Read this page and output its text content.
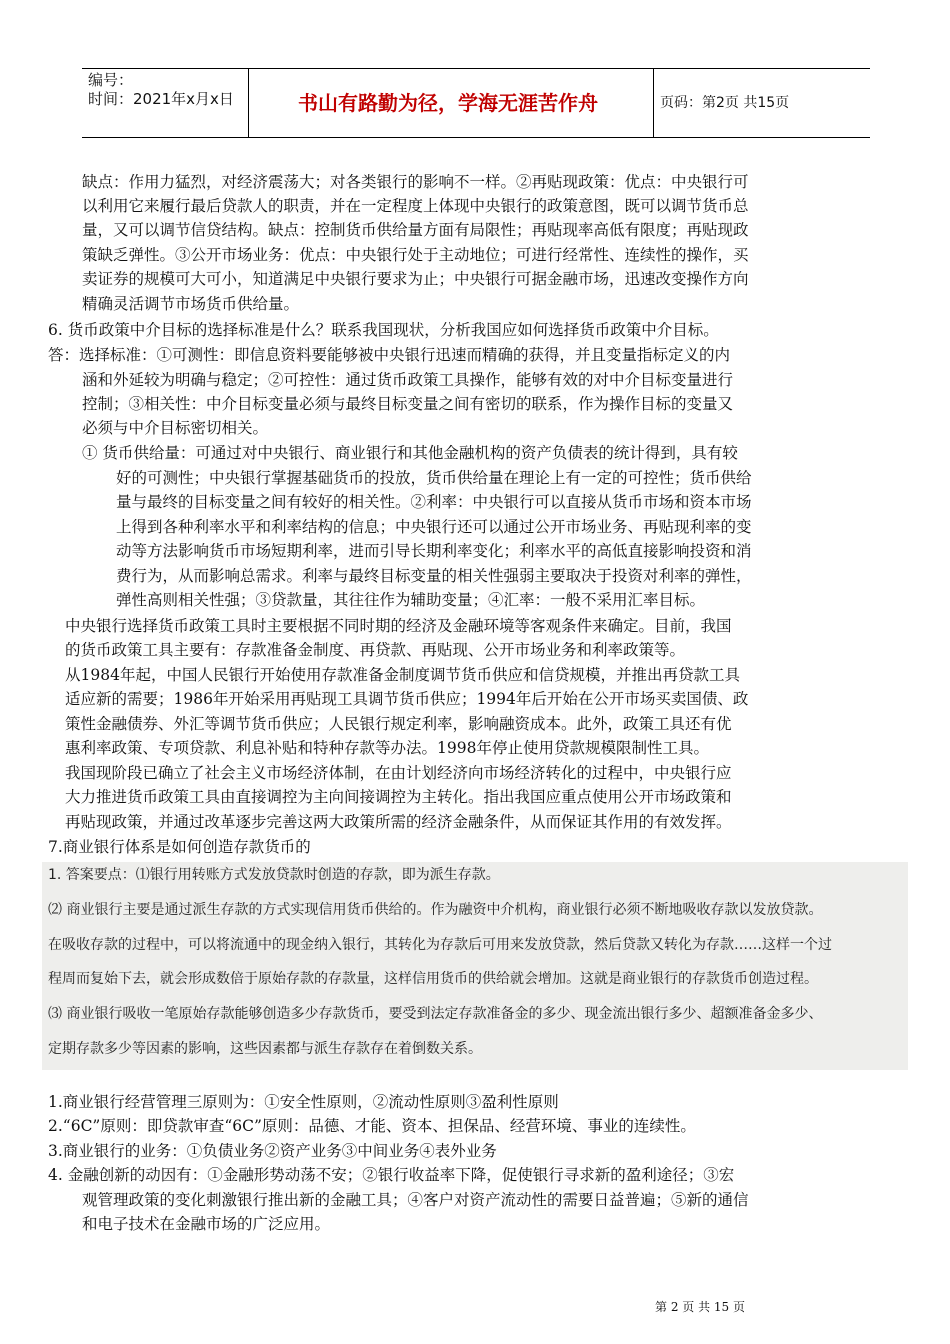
编号：
时间：2021年x月x日	书山有路勤为径，学海无涯苦作舟	页码：第2页 共15页
缺点：作用力猛烈，对经济震荡大；对各类银行的影响不一样。②再贴现政策：优点：中央银行可
以利用它来履行最后贷款人的职责，并在一定程度上体现中央银行的政策意图，既可以调节货币总
量，又可以调节信贷结构。缺点：控制货币供给量方面有局限性；再贴现率高低有限度；再贴现政
策缺乏弹性。③公开市场业务：优点：中央银行处于主动地位；可进行经常性、连续性的操作，买
卖证券的规模可大可小，知道满足中央银行要求为止；中央银行可据金融市场，迅速改变操作方向
精确灵活调节市场货币供给量。
6. 货币政策中介目标的选择标准是什么？联系我国现状，分析我国应如何选择货币政策中介目标。
答：选择标准：①可测性：即信息资料要能够被中央银行迅速而精确的获得，并且变量指标定义的内
涵和外延较为明确与稳定；②可控性：通过货币政策工具操作，能够有效的对中介目标变量进行
控制；③相关性：中介目标变量必须与最终目标变量之间有密切的联系，作为操作目标的变量又
必须与中介目标密切相关。
① 货币供给量：可通过对中央银行、商业银行和其他金融机构的资产负债表的统计得到，具有较
好的可测性；中央银行掌握基础货币的投放，货币供给量在理论上有一定的可控性；货币供给
量与最终的目标变量之间有较好的相关性。②利率：中央银行可以直接从货币市场和资本市场
上得到各种利率水平和利率结构的信息；中央银行还可以通过公开市场业务、再贴现利率的变
动等方法影响货币市场短期利率，进而引导长期利率变化；利率水平的高低直接影响投资和消
费行为，从而影响总需求。利率与最终目标变量的相关性强弱主要取决于投资对利率的弹性，
弹性高则相关性强；③贷款量，其往往作为辅助变量；④汇率：一般不采用汇率目标。
中央银行选择货币政策工具时主要根据不同时期的经济及金融环境等客观条件来确定。目前，我国
的货币政策工具主要有：存款准备金制度、再贷款、再贴现、公开市场业务和利率政策等。
从1984年起，中国人民银行开始使用存款准备金制度调节货币供应和信贷规模，并推出再贷款工具
适应新的需要；1986年开始采用再贴现工具调节货币供应；1994年后开始在公开市场买卖国债、政
策性金融债券、外汇等调节货币供应；人民银行规定利率，影响融资成本。此外，政策工具还有优
惠利率政策、专项贷款、利息补贴和特种存款等办法。1998年停止使用贷款规模限制性工具。
我国现阶段已确立了社会主义市场经济体制，在由计划经济向市场经济转化的过程中，中央银行应
大力推进货币政策工具由直接调控为主向间接调控为主转化。指出我国应重点使用公开市场政策和
再贴现政策，并通过改革逐步完善这两大政策所需的经济金融条件，从而保证其作用的有效发挥。
7.商业银行体系是如何创造存款货币的
1. 答案要点：⑴银行用转账方式发放贷款时创造的存款，即为派生存款。
⑵ 商业银行主要是通过派生存款的方式实现信用货币供给的。作为融资中介机构，商业银行必须不断地吸收存款以发放贷款。
在吸收存款的过程中，可以将流通中的现金纳入银行，其转化为存款后可用来发放贷款，然后贷款又转化为存款……这样一个过
程周而复始下去，就会形成数倍于原始存款的存款量，这样信用货币的供给就会增加。这就是商业银行的存款货币创造过程。
⑶ 商业银行吸收一笔原始存款能够创造多少存款货币，要受到法定存款准备金的多少、现金流出银行多少、超额准备金多少、
定期存款多少等因素的影响，这些因素都与派生存款存在着倒数关系。
1.商业银行经营管理三原则为：①安全性原则，②流动性原则③盈利性原则
2.“6C”原则：即贷款审查“6C”原则：品德、才能、资本、担保品、经营环境、事业的连续性。
3.商业银行的业务：①负债业务②资产业务③中间业务④表外业务
4. 金融创新的动因有：①金融形势动荡不安；②银行收益率下降，促使银行寻求新的盈利途径；③宏
观管理政策的变化刺激银行推出新的金融工具；④客户对资产流动性的需要日益普遍；⑤新的通信
和电子技术在金融市场的广泛应用。
第 2 页 共 15 页
